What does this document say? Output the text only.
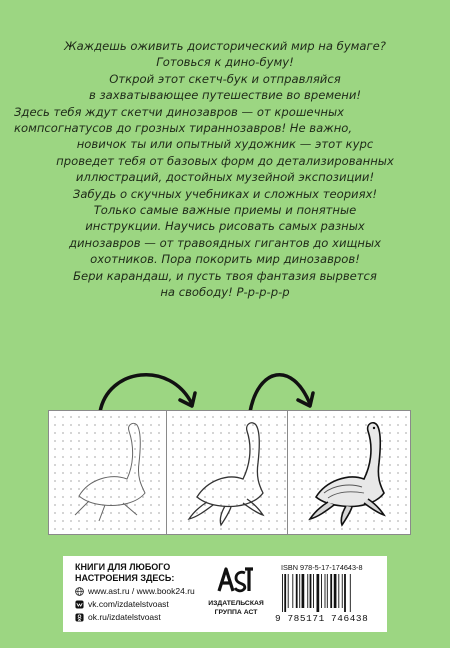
Жаждешь оживить доисторический мир на бумаге?
Готовься к дино-буму!
Открой этот скетч-бук и отправляйся
в захватывающее путешествие во времени!
Здесь тебя ждут скетчи динозавров — от крошечных
компсогнатусов до грозных тираннозавров! Не важно,
новичок ты или опытный художник — этот курс
проведет тебя от базовых форм до детализированных
иллюстраций, достойных музейной экспозиции!
Забудь о скучных учебниках и сложных теориях!
Только самые важные приемы и понятные
инструкции. Научись рисовать самых разных
динозавров — от травоядных гигантов до хищных
охотников. Пора покорить мир динозавров!
Бери карандаш, и пусть твоя фантазия вырвется
на свободу! Р-р-р-р-р
КНИГИ ДЛЯ ЛЮБОГО НАСТРОЕНИЯ ЗДЕСЬ:
www.ast.ru / www.book24.ru
vk.com/izdatelstvoast
ok.ru/izdatelstvoast
ИЗДАТЕЛЬСКАЯ ГРУППА АСТ
ISBN 978-5-17-174643-8
9 785171 746438
